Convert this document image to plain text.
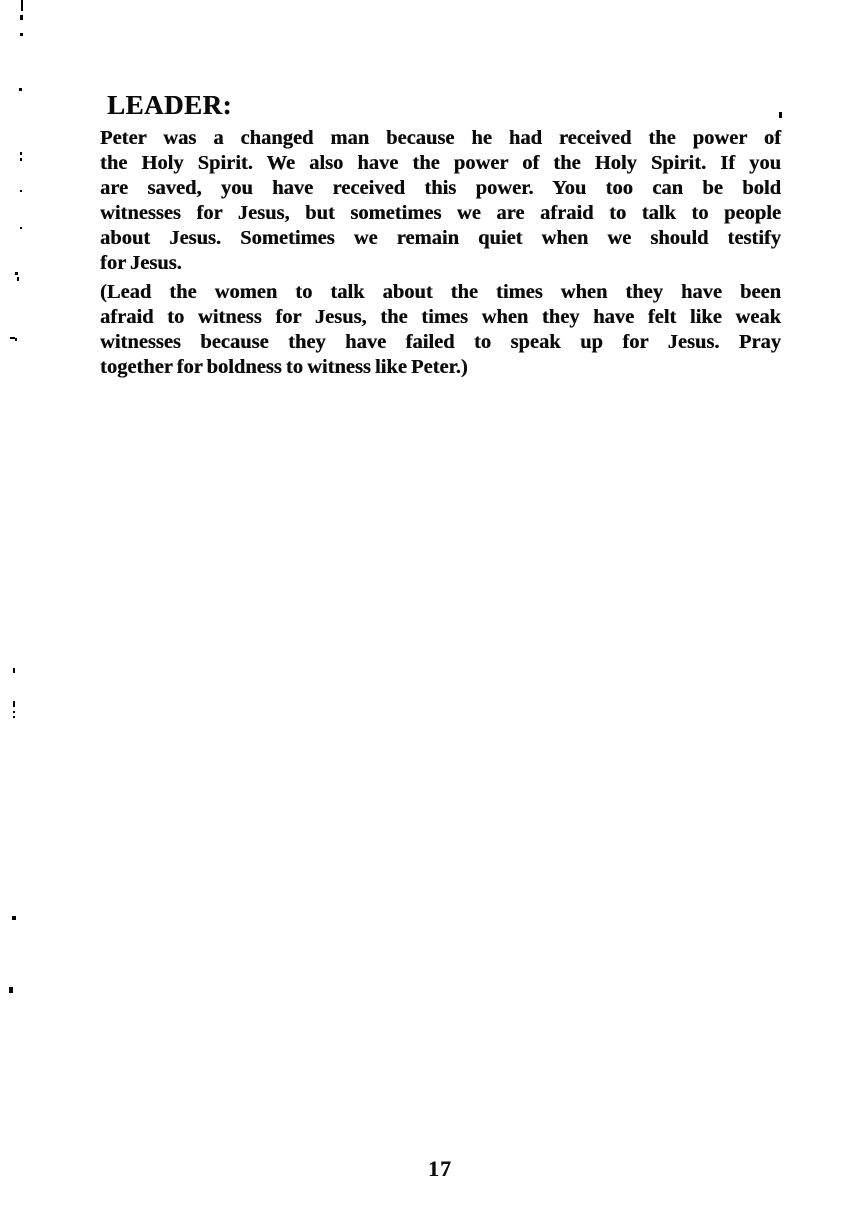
LEADER:
Peter was a changed man because he had received the power of
the Holy Spirit. We also have the power of the Holy Spirit. If you
are saved, you have received this power. You too can be bold
witnesses for Jesus, but sometimes we are afraid to talk to people
about Jesus. Sometimes we remain quiet when we should testify
for Jesus.
(Lead the women to talk about the times when they have been
afraid to witness for Jesus, the times when they have felt like weak
witnesses because they have failed to speak up for Jesus. Pray
together for boldness to witness like Peter.)
17
